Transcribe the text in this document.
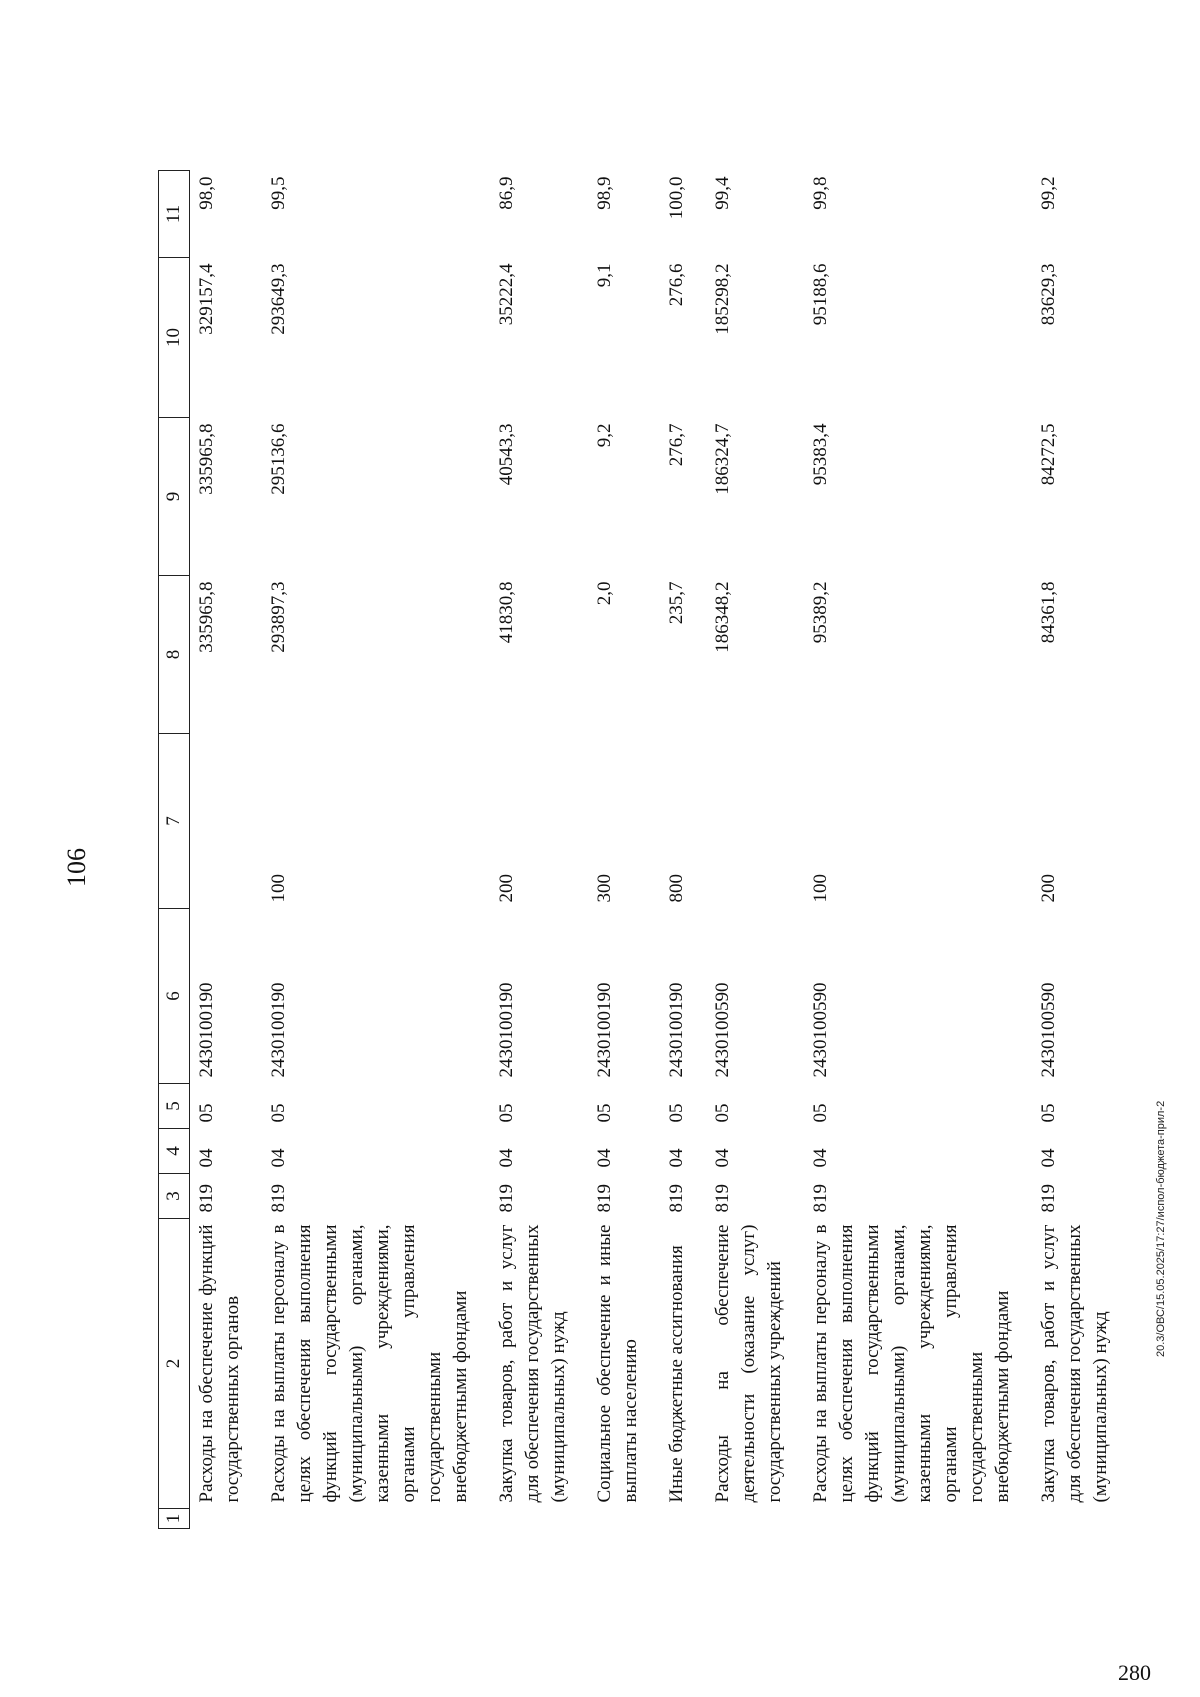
106
1	2	3	4	5	6	7	8	9	10	11
	Расходы на обеспечение функций государственных органов	819	04	05	2430100190		335965,8	335965,8	329157,4	98,0
	Расходы на выплаты персоналу в целях обеспечения выполнения функций государственными (муниципальными) органами, казенными учреждениями, органами управления государственными внебюджетными фондами	819	04	05	2430100190	100	293897,3	295136,6	293649,3	99,5
	Закупка товаров, работ и услуг для обеспечения государственных (муниципальных) нужд	819	04	05	2430100190	200	41830,8	40543,3	35222,4	86,9
	Социальное обеспечение и иные выплаты населению	819	04	05	2430100190	300	2,0	9,2	9,1	98,9
	Иные бюджетные ассигнования	819	04	05	2430100190	800	235,7	276,7	276,6	100,0
	Расходы на обеспечение деятельности (оказание услуг) государственных учреждений	819	04	05	2430100590		186348,2	186324,7	185298,2	99,4
	Расходы на выплаты персоналу в целях обеспечения выполнения функций государственными (муниципальными) органами, казенными учреждениями, органами управления государственными внебюджетными фондами	819	04	05	2430100590	100	95389,2	95383,4	95188,6	99,8
	Закупка товаров, работ и услуг для обеспечения государственных (муниципальных) нужд	819	04	05	2430100590	200	84361,8	84272,5	83629,3	99,2
20.3/ОВС/15.05.2025/17:27/испол-бюджета-прил-2
280
